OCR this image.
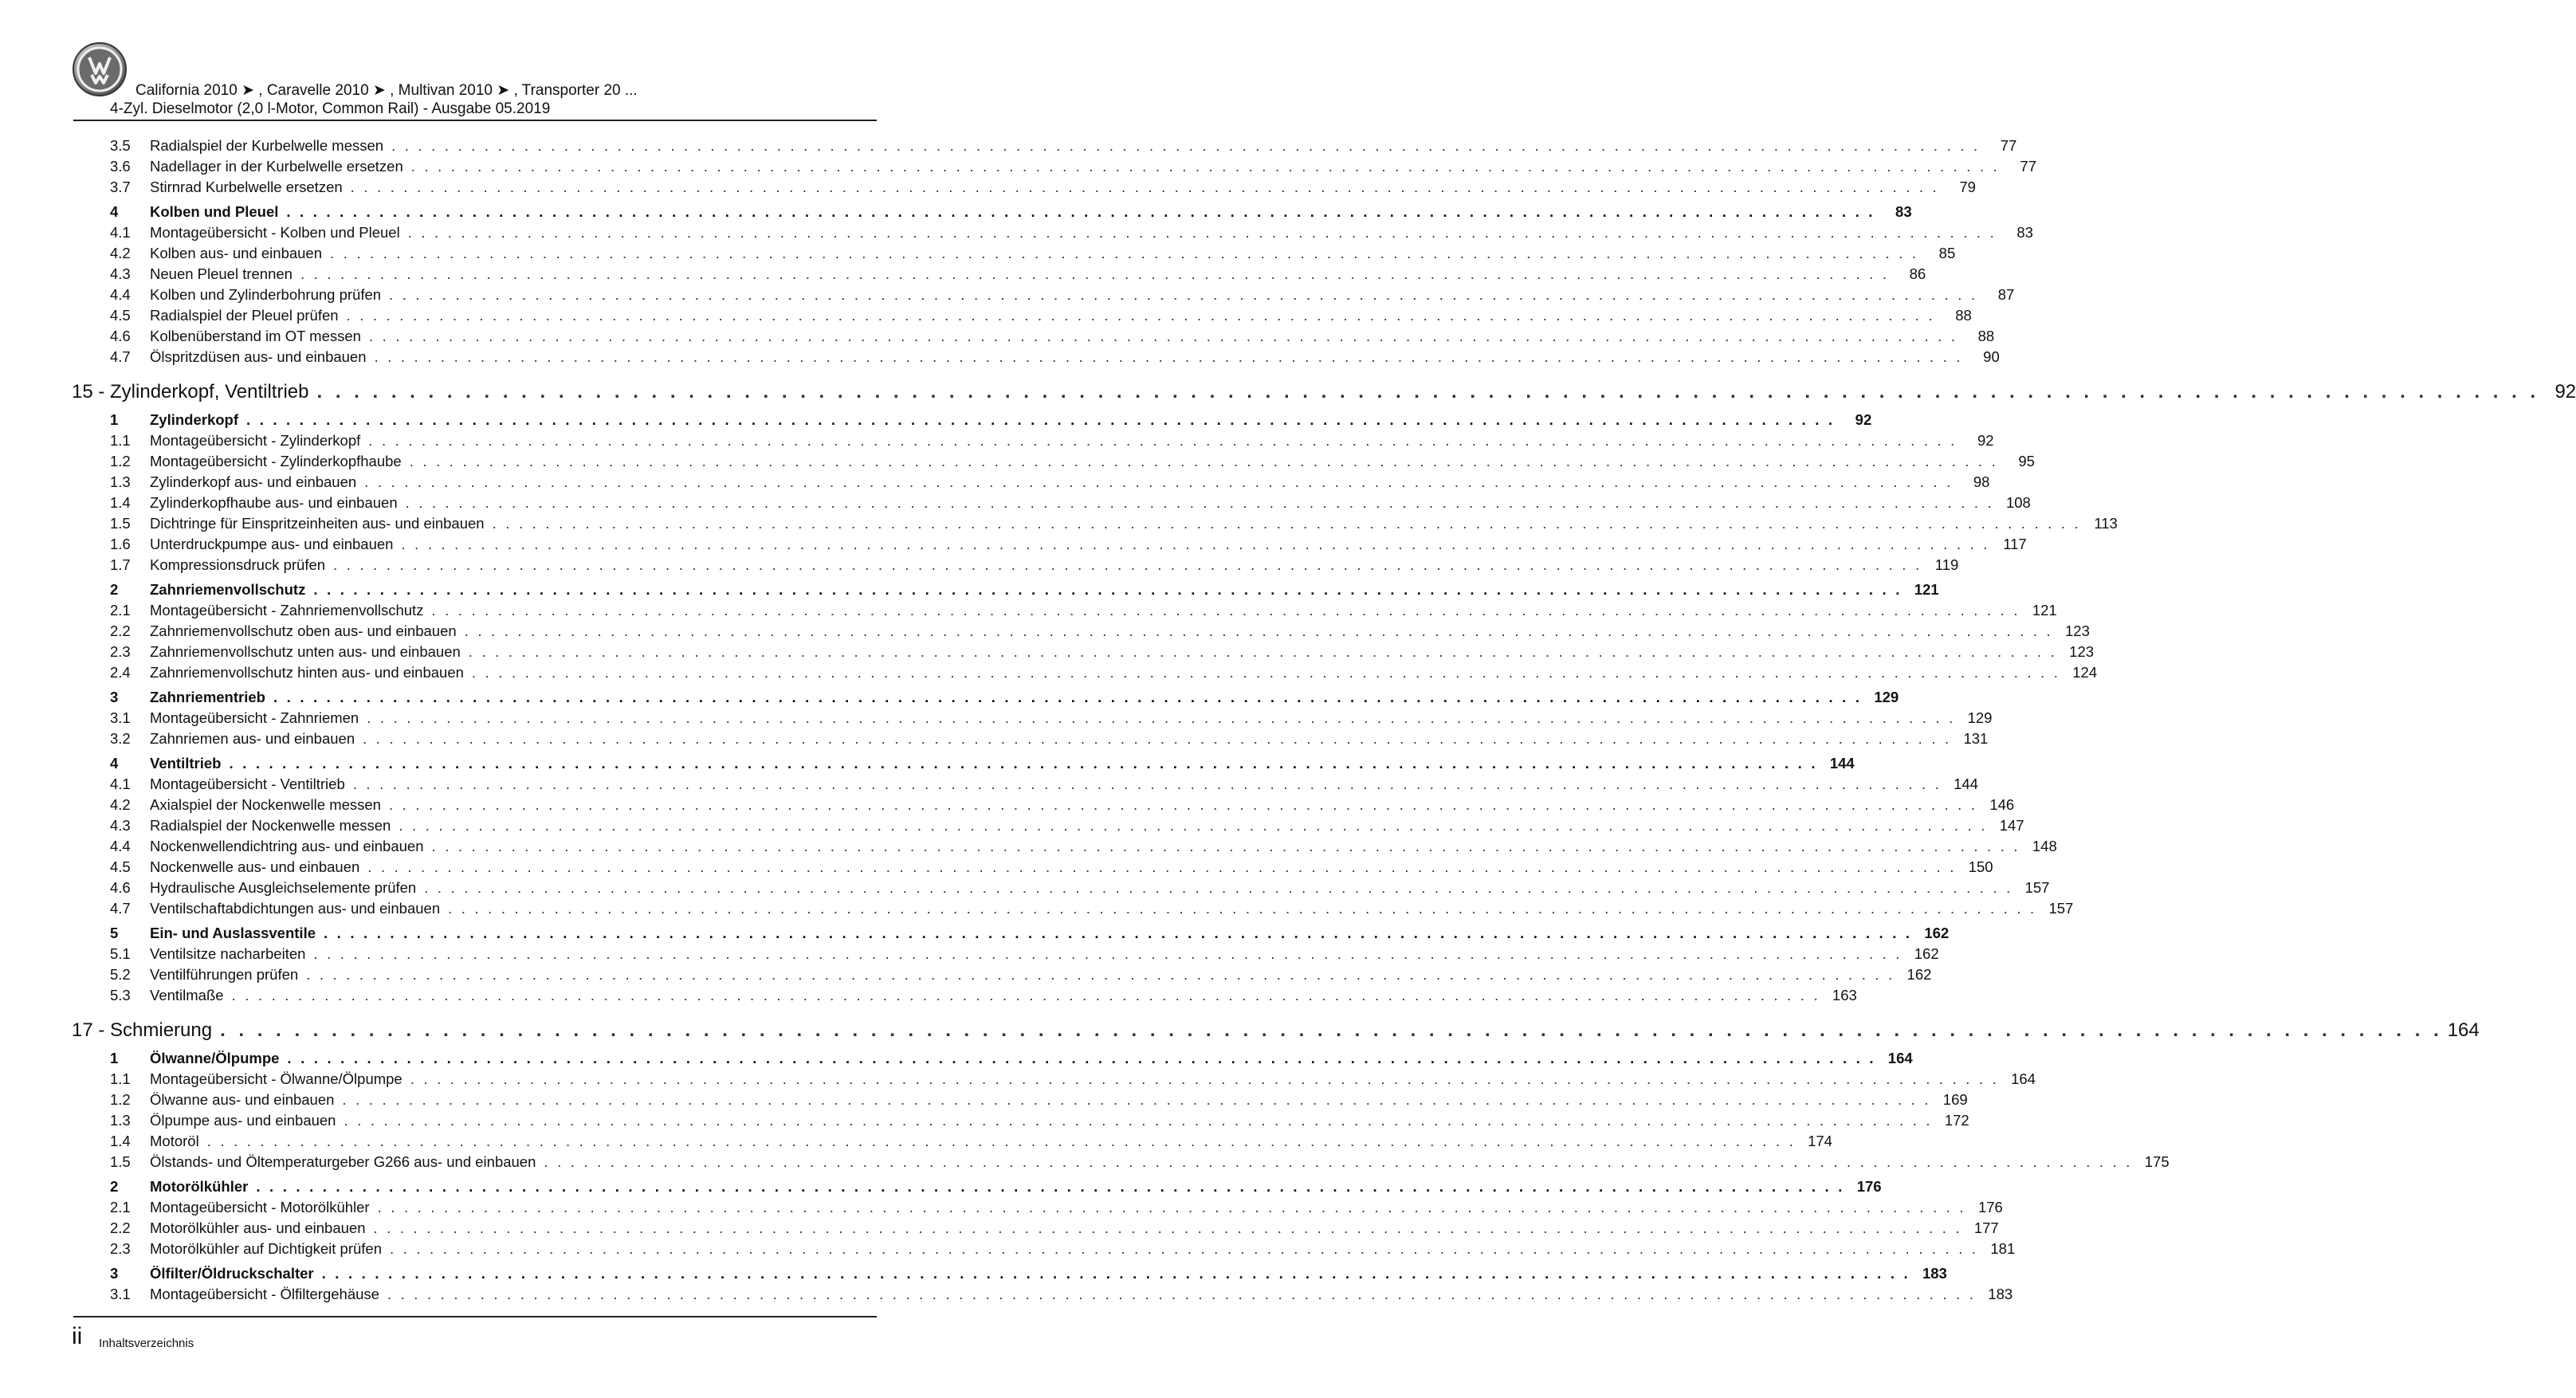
California 2010 ➤ , Caravelle 2010 ➤ , Multivan 2010 ➤ , Transporter 20 ...
4-Zyl. Dieselmotor (2,0 l-Motor, Common Rail) - Ausgabe 05.2019
3.5	Radialspiel der Kurbelwelle messen . . . . . . . . . . . . . . . . . . . . . . . . . . . . . . . . . . . . . . . . . . . . . . . . . . . . . . . . . . . . . . . . . . . . . . . . . . . . . . . . . . . . . . . . . . . . . . . . . . . . . . . . . . . . . . . . . . . . . . . .	77
3.6	Nadellager in der Kurbelwelle ersetzen . . . . . . . . . . . . . . . . . . . . . . . . . . . . . . . . . . . . . . . . . . . . . . . . . . . . . . . . . . . . . . . . . . . . . . . . . . . . . . . . . . . . . . . . . . . . . . . . . . . . . . . . . . . . . . . . . . . . . . . .	77
3.7	Stirnrad Kurbelwelle ersetzen . . . . . . . . . . . . . . . . . . . . . . . . . . . . . . . . . . . . . . . . . . . . . . . . . . . . . . . . . . . . . . . . . . . . . . . . . . . . . . . . . . . . . . . . . . . . . . . . . . . . . . . . . . . . . . . . . . . . . . . .	79
4	Kolben und Pleuel . . . . . . . . . . . . . . . . . . . . . . . . . . . . . . . . . . . . . . . . . . . . . . . . . . . . . . . . . . . . . . . . . . . . . . . . . . . . . . . . . . . . . . . . . . . . . . . . . . . . . . . . . . . . . . . . . . . . . . . .	83
4.1	Montageübersicht - Kolben und Pleuel . . . . . . . . . . . . . . . . . . . . . . . . . . . . . . . . . . . . . . . . . . . . . . . . . . . . . . . . . . . . . . . . . . . . . . . . . . . . . . . . . . . . . . . . . . . . . . . . . . . . . . . . . . . . . . . . . . . . . . . .	83
4.2	Kolben aus- und einbauen . . . . . . . . . . . . . . . . . . . . . . . . . . . . . . . . . . . . . . . . . . . . . . . . . . . . . . . . . . . . . . . . . . . . . . . . . . . . . . . . . . . . . . . . . . . . . . . . . . . . . . . . . . . . . . . . . . . . . . . .	85
4.3	Neuen Pleuel trennen . . . . . . . . . . . . . . . . . . . . . . . . . . . . . . . . . . . . . . . . . . . . . . . . . . . . . . . . . . . . . . . . . . . . . . . . . . . . . . . . . . . . . . . . . . . . . . . . . . . . . . . . . . . . . . . . . . . . . . . .	86
4.4	Kolben und Zylinderbohrung prüfen . . . . . . . . . . . . . . . . . . . . . . . . . . . . . . . . . . . . . . . . . . . . . . . . . . . . . . . . . . . . . . . . . . . . . . . . . . . . . . . . . . . . . . . . . . . . . . . . . . . . . . . . . . . . . . . . . . . . . . . .	87
4.5	Radialspiel der Pleuel prüfen . . . . . . . . . . . . . . . . . . . . . . . . . . . . . . . . . . . . . . . . . . . . . . . . . . . . . . . . . . . . . . . . . . . . . . . . . . . . . . . . . . . . . . . . . . . . . . . . . . . . . . . . . . . . . . . . . . . . . . . .	88
4.6	Kolbenüberstand im OT messen . . . . . . . . . . . . . . . . . . . . . . . . . . . . . . . . . . . . . . . . . . . . . . . . . . . . . . . . . . . . . . . . . . . . . . . . . . . . . . . . . . . . . . . . . . . . . . . . . . . . . . . . . . . . . . . . . . . . . . . .	88
4.7	Ölspritzdüsen aus- und einbauen . . . . . . . . . . . . . . . . . . . . . . . . . . . . . . . . . . . . . . . . . . . . . . . . . . . . . . . . . . . . . . . . . . . . . . . . . . . . . . . . . . . . . . . . . . . . . . . . . . . . . . . . . . . . . . . . . . . . . . . .	90
15 - Zylinderkopf, Ventiltrieb . . . . . . . . . . . . . . . . . . . . . . . . . . . . . . . . . . . . . . . . . . . . . . . . . . . . . . . . . . . . . . . . . . . . . . . . . . . . . . . . . . . . . . . . . . . . . . . . . . . . . . . . . . . . . . . . . . . . . . . . 92
1	Zylinderkopf . . . . . . . . . . . . . . . . . . . . . . . . . . . . . . . . . . . . . . . . . . . . . . . . . . . . . . . . . . . . . . . . . . . . . . . . . . . . . . . . . . . . . . . . . . . . . . . . . . . . . . . . . . . . . . . . . . . . . . . .	92
1.1	Montageübersicht - Zylinderkopf . . . . . . . . . . . . . . . . . . . . . . . . . . . . . . . . . . . . . . . . . . . . . . . . . . . . . . . . . . . . . . . . . . . . . . . . . . . . . . . . . . . . . . . . . . . . . . . . . . . . . . . . . . . . . . . . . . . . . . . .	92
1.2	Montageübersicht - Zylinderkopfhaube . . . . . . . . . . . . . . . . . . . . . . . . . . . . . . . . . . . . . . . . . . . . . . . . . . . . . . . . . . . . . . . . . . . . . . . . . . . . . . . . . . . . . . . . . . . . . . . . . . . . . . . . . . . . . . . . . . . . . . . .	95
1.3	Zylinderkopf aus- und einbauen . . . . . . . . . . . . . . . . . . . . . . . . . . . . . . . . . . . . . . . . . . . . . . . . . . . . . . . . . . . . . . . . . . . . . . . . . . . . . . . . . . . . . . . . . . . . . . . . . . . . . . . . . . . . . . . . . . . . . . . .	98
1.4	Zylinderkopfhaube aus- und einbauen . . . . . . . . . . . . . . . . . . . . . . . . . . . . . . . . . . . . . . . . . . . . . . . . . . . . . . . . . . . . . . . . . . . . . . . . . . . . . . . . . . . . . . . . . . . . . . . . . . . . . . . . . . . . . . . . . . . . . . . . 108
1.5	Dichtringe für Einspritzeinheiten aus- und einbauen . . . . . . . . . . . . . . . . . . . . . . . . . . . . . . . . . . . . . . . . . . . . . . . . . . . . . . . . . . . . . . . . . . . . . . . . . . . . . . . . . . . . . . . . . . . . . . . . . . . . . . . . . . . . . . . . . . . . . . . . 113
1.6	Unterdruckpumpe aus- und einbauen . . . . . . . . . . . . . . . . . . . . . . . . . . . . . . . . . . . . . . . . . . . . . . . . . . . . . . . . . . . . . . . . . . . . . . . . . . . . . . . . . . . . . . . . . . . . . . . . . . . . . . . . . . . . . . . . . . . . . . . . 117
1.7	Kompressionsdruck prüfen . . . . . . . . . . . . . . . . . . . . . . . . . . . . . . . . . . . . . . . . . . . . . . . . . . . . . . . . . . . . . . . . . . . . . . . . . . . . . . . . . . . . . . . . . . . . . . . . . . . . . . . . . . . . . . . . . . . . . . . . 119
2	Zahnriemenvollschutz . . . . . . . . . . . . . . . . . . . . . . . . . . . . . . . . . . . . . . . . . . . . . . . . . . . . . . . . . . . . . . . . . . . . . . . . . . . . . . . . . . . . . . . . . . . . . . . . . . . . . . . . . . . . . . . . . . . . . . . . 121
2.1	Montageübersicht - Zahnriemenvollschutz . . . . . . . . . . . . . . . . . . . . . . . . . . . . . . . . . . . . . . . . . . . . . . . . . . . . . . . . . . . . . . . . . . . . . . . . . . . . . . . . . . . . . . . . . . . . . . . . . . . . . . . . . . . . . . . . . . . . . . . . 121
2.2	Zahnriemenvollschutz oben aus- und einbauen . . . . . . . . . . . . . . . . . . . . . . . . . . . . . . . . . . . . . . . . . . . . . . . . . . . . . . . . . . . . . . . . . . . . . . . . . . . . . . . . . . . . . . . . . . . . . . . . . . . . . . . . . . . . . . . . . . . . . . . . 123
2.3	Zahnriemenvollschutz unten aus- und einbauen . . . . . . . . . . . . . . . . . . . . . . . . . . . . . . . . . . . . . . . . . . . . . . . . . . . . . . . . . . . . . . . . . . . . . . . . . . . . . . . . . . . . . . . . . . . . . . . . . . . . . . . . . . . . . . . . . . . . . . . . 123
2.4	Zahnriemenvollschutz hinten aus- und einbauen . . . . . . . . . . . . . . . . . . . . . . . . . . . . . . . . . . . . . . . . . . . . . . . . . . . . . . . . . . . . . . . . . . . . . . . . . . . . . . . . . . . . . . . . . . . . . . . . . . . . . . . . . . . . . . . . . . . . . . . . 124
3	Zahnriementrieb . . . . . . . . . . . . . . . . . . . . . . . . . . . . . . . . . . . . . . . . . . . . . . . . . . . . . . . . . . . . . . . . . . . . . . . . . . . . . . . . . . . . . . . . . . . . . . . . . . . . . . . . . . . . . . . . . . . . . . . . 129
3.1	Montageübersicht - Zahnriemen . . . . . . . . . . . . . . . . . . . . . . . . . . . . . . . . . . . . . . . . . . . . . . . . . . . . . . . . . . . . . . . . . . . . . . . . . . . . . . . . . . . . . . . . . . . . . . . . . . . . . . . . . . . . . . . . . . . . . . . . 129
3.2	Zahnriemen aus- und einbauen . . . . . . . . . . . . . . . . . . . . . . . . . . . . . . . . . . . . . . . . . . . . . . . . . . . . . . . . . . . . . . . . . . . . . . . . . . . . . . . . . . . . . . . . . . . . . . . . . . . . . . . . . . . . . . . . . . . . . . . . 131
4	Ventiltrieb . . . . . . . . . . . . . . . . . . . . . . . . . . . . . . . . . . . . . . . . . . . . . . . . . . . . . . . . . . . . . . . . . . . . . . . . . . . . . . . . . . . . . . . . . . . . . . . . . . . . . . . . . . . . . . . . . . . . . . . . 144
4.1	Montageübersicht - Ventiltrieb . . . . . . . . . . . . . . . . . . . . . . . . . . . . . . . . . . . . . . . . . . . . . . . . . . . . . . . . . . . . . . . . . . . . . . . . . . . . . . . . . . . . . . . . . . . . . . . . . . . . . . . . . . . . . . . . . . . . . . . . 144
4.2	Axialspiel der Nockenwelle messen . . . . . . . . . . . . . . . . . . . . . . . . . . . . . . . . . . . . . . . . . . . . . . . . . . . . . . . . . . . . . . . . . . . . . . . . . . . . . . . . . . . . . . . . . . . . . . . . . . . . . . . . . . . . . . . . . . . . . . . . 146
4.3	Radialspiel der Nockenwelle messen . . . . . . . . . . . . . . . . . . . . . . . . . . . . . . . . . . . . . . . . . . . . . . . . . . . . . . . . . . . . . . . . . . . . . . . . . . . . . . . . . . . . . . . . . . . . . . . . . . . . . . . . . . . . . . . . . . . . . . . . 147
4.4	Nockenwellendichtring aus- und einbauen . . . . . . . . . . . . . . . . . . . . . . . . . . . . . . . . . . . . . . . . . . . . . . . . . . . . . . . . . . . . . . . . . . . . . . . . . . . . . . . . . . . . . . . . . . . . . . . . . . . . . . . . . . . . . . . . . . . . . . . . 148
4.5	Nockenwelle aus- und einbauen . . . . . . . . . . . . . . . . . . . . . . . . . . . . . . . . . . . . . . . . . . . . . . . . . . . . . . . . . . . . . . . . . . . . . . . . . . . . . . . . . . . . . . . . . . . . . . . . . . . . . . . . . . . . . . . . . . . . . . . . 150
4.6	Hydraulische Ausgleichselemente prüfen . . . . . . . . . . . . . . . . . . . . . . . . . . . . . . . . . . . . . . . . . . . . . . . . . . . . . . . . . . . . . . . . . . . . . . . . . . . . . . . . . . . . . . . . . . . . . . . . . . . . . . . . . . . . . . . . . . . . . . . . 157
4.7	Ventilschaftabdichtungen aus- und einbauen . . . . . . . . . . . . . . . . . . . . . . . . . . . . . . . . . . . . . . . . . . . . . . . . . . . . . . . . . . . . . . . . . . . . . . . . . . . . . . . . . . . . . . . . . . . . . . . . . . . . . . . . . . . . . . . . . . . . . . . . 157
5	Ein- und Auslassventile . . . . . . . . . . . . . . . . . . . . . . . . . . . . . . . . . . . . . . . . . . . . . . . . . . . . . . . . . . . . . . . . . . . . . . . . . . . . . . . . . . . . . . . . . . . . . . . . . . . . . . . . . . . . . . . . . . . . . . . . 162
5.1	Ventilsitze nacharbeiten . . . . . . . . . . . . . . . . . . . . . . . . . . . . . . . . . . . . . . . . . . . . . . . . . . . . . . . . . . . . . . . . . . . . . . . . . . . . . . . . . . . . . . . . . . . . . . . . . . . . . . . . . . . . . . . . . . . . . . . . 162
5.2	Ventilführungen prüfen . . . . . . . . . . . . . . . . . . . . . . . . . . . . . . . . . . . . . . . . . . . . . . . . . . . . . . . . . . . . . . . . . . . . . . . . . . . . . . . . . . . . . . . . . . . . . . . . . . . . . . . . . . . . . . . . . . . . . . . . 162
5.3	Ventilmaße . . . . . . . . . . . . . . . . . . . . . . . . . . . . . . . . . . . . . . . . . . . . . . . . . . . . . . . . . . . . . . . . . . . . . . . . . . . . . . . . . . . . . . . . . . . . . . . . . . . . . . . . . . . . . . . . . . . . . . . . 163
17 - Schmierung . . . . . . . . . . . . . . . . . . . . . . . . . . . . . . . . . . . . . . . . . . . . . . . . . . . . . . . . . . . . . . . . . . . . . . . . . . . . . . . . . . . . . . . . . . . . . . . . . . . . . . . . . . . . . . . . . . . . . . . . 164
1	Ölwanne/Ölpumpe . . . . . . . . . . . . . . . . . . . . . . . . . . . . . . . . . . . . . . . . . . . . . . . . . . . . . . . . . . . . . . . . . . . . . . . . . . . . . . . . . . . . . . . . . . . . . . . . . . . . . . . . . . . . . . . . . . . . . . . . 164
1.1	Montageübersicht - Ölwanne/Ölpumpe . . . . . . . . . . . . . . . . . . . . . . . . . . . . . . . . . . . . . . . . . . . . . . . . . . . . . . . . . . . . . . . . . . . . . . . . . . . . . . . . . . . . . . . . . . . . . . . . . . . . . . . . . . . . . . . . . . . . . . . . 164
1.2	Ölwanne aus- und einbauen . . . . . . . . . . . . . . . . . . . . . . . . . . . . . . . . . . . . . . . . . . . . . . . . . . . . . . . . . . . . . . . . . . . . . . . . . . . . . . . . . . . . . . . . . . . . . . . . . . . . . . . . . . . . . . . . . . . . . . . . 169
1.3	Ölpumpe aus- und einbauen . . . . . . . . . . . . . . . . . . . . . . . . . . . . . . . . . . . . . . . . . . . . . . . . . . . . . . . . . . . . . . . . . . . . . . . . . . . . . . . . . . . . . . . . . . . . . . . . . . . . . . . . . . . . . . . . . . . . . . . . 172
1.4	Motoröl . . . . . . . . . . . . . . . . . . . . . . . . . . . . . . . . . . . . . . . . . . . . . . . . . . . . . . . . . . . . . . . . . . . . . . . . . . . . . . . . . . . . . . . . . . . . . . . . . . . . . . . . . . . . . . . . . . . . . . . . 174
1.5	Ölstands- und Öltemperaturgeber G266 aus- und einbauen . . . . . . . . . . . . . . . . . . . . . . . . . . . . . . . . . . . . . . . . . . . . . . . . . . . . . . . . . . . . . . . . . . . . . . . . . . . . . . . . . . . . . . . . . . . . . . . . . . . . . . . . . . . . . . . . . . . . . . . . 175
2	Motorölkühler . . . . . . . . . . . . . . . . . . . . . . . . . . . . . . . . . . . . . . . . . . . . . . . . . . . . . . . . . . . . . . . . . . . . . . . . . . . . . . . . . . . . . . . . . . . . . . . . . . . . . . . . . . . . . . . . . . . . . . . . 176
2.1	Montageübersicht - Motorölkühler . . . . . . . . . . . . . . . . . . . . . . . . . . . . . . . . . . . . . . . . . . . . . . . . . . . . . . . . . . . . . . . . . . . . . . . . . . . . . . . . . . . . . . . . . . . . . . . . . . . . . . . . . . . . . . . . . . . . . . . . 176
2.2	Motorölkühler aus- und einbauen . . . . . . . . . . . . . . . . . . . . . . . . . . . . . . . . . . . . . . . . . . . . . . . . . . . . . . . . . . . . . . . . . . . . . . . . . . . . . . . . . . . . . . . . . . . . . . . . . . . . . . . . . . . . . . . . . . . . . . . . 177
2.3	Motorölkühler auf Dichtigkeit prüfen . . . . . . . . . . . . . . . . . . . . . . . . . . . . . . . . . . . . . . . . . . . . . . . . . . . . . . . . . . . . . . . . . . . . . . . . . . . . . . . . . . . . . . . . . . . . . . . . . . . . . . . . . . . . . . . . . . . . . . . . 181
3	Ölfilter/Öldruckschalter . . . . . . . . . . . . . . . . . . . . . . . . . . . . . . . . . . . . . . . . . . . . . . . . . . . . . . . . . . . . . . . . . . . . . . . . . . . . . . . . . . . . . . . . . . . . . . . . . . . . . . . . . . . . . . . . . . . . . . . . 183
3.1	Montageübersicht - Ölfiltergehäuse . . . . . . . . . . . . . . . . . . . . . . . . . . . . . . . . . . . . . . . . . . . . . . . . . . . . . . . . . . . . . . . . . . . . . . . . . . . . . . . . . . . . . . . . . . . . . . . . . . . . . . . . . . . . . . . . . . . . . . . . 183
ii Inhaltsverzeichnis
